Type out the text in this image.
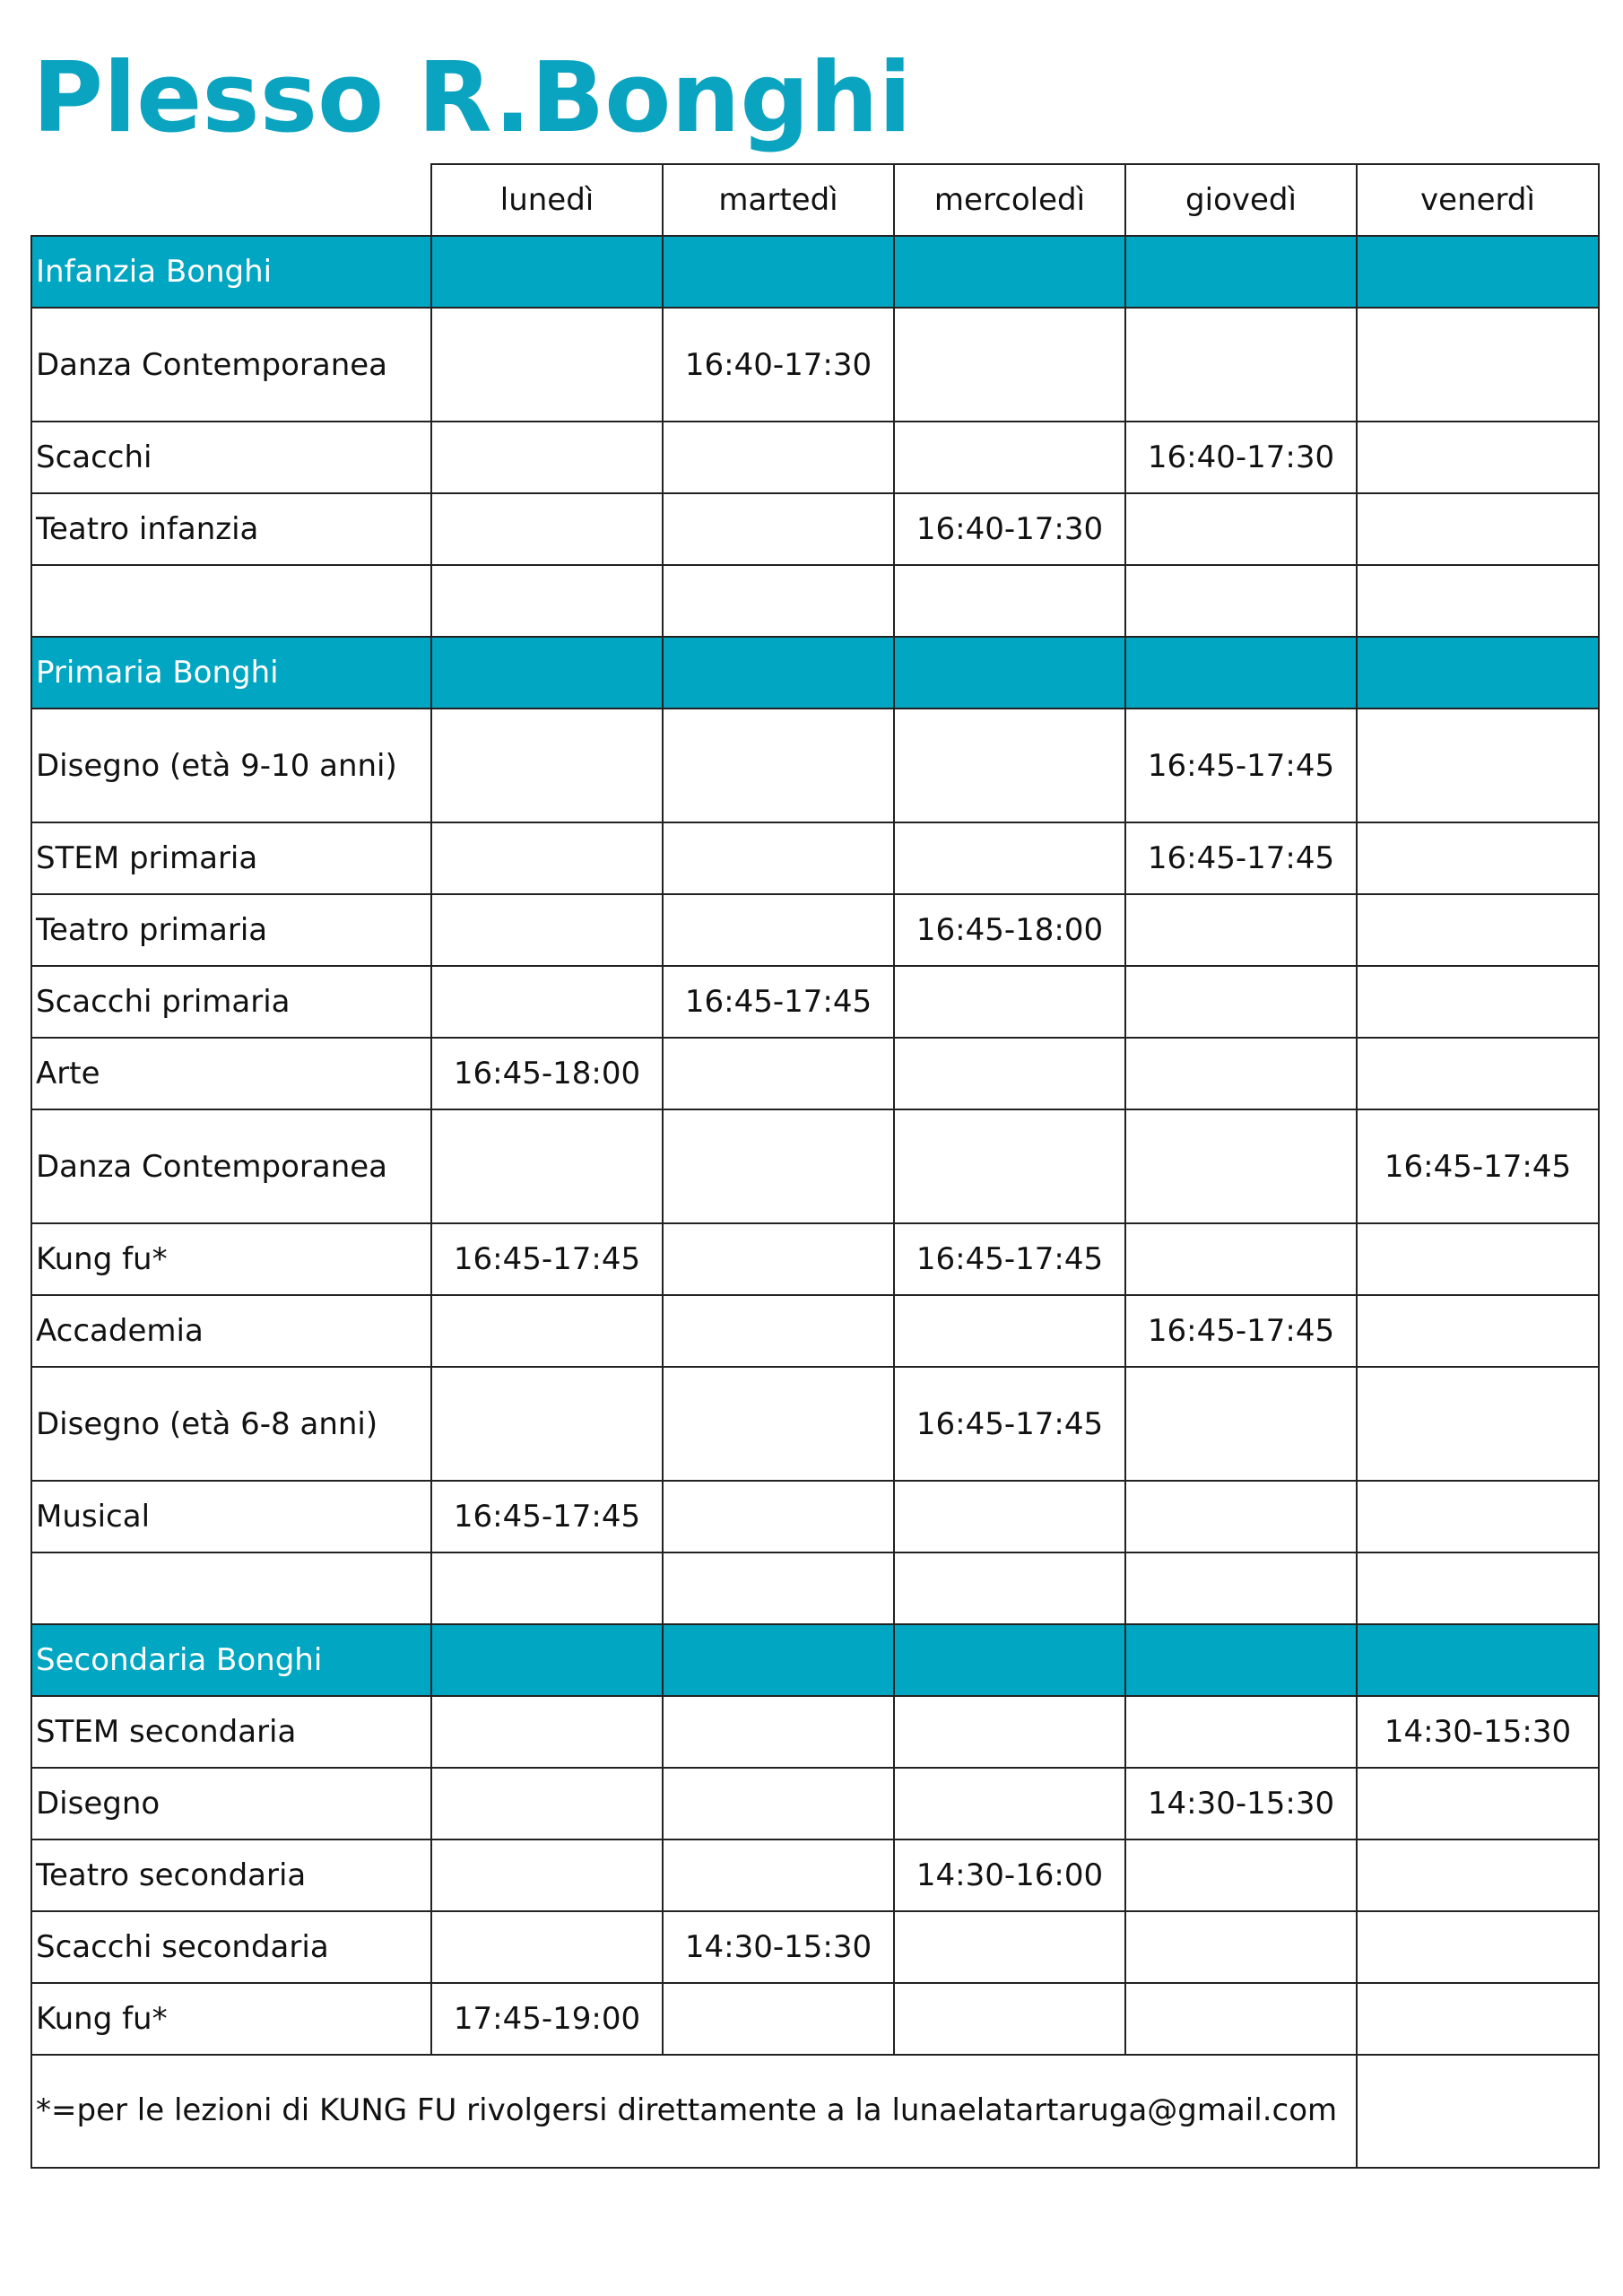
Plesso R.Bonghi
	lunedì	martedì	mercoledì	giovedì	venerdì
Infanzia Bonghi					
Danza Contemporanea		16:40-17:30			
Scacchi				16:40-17:30	
Teatro infanzia			16:40-17:30		

Primaria Bonghi					
Disegno (età 9-10 anni)				16:45-17:45	
STEM primaria				16:45-17:45	
Teatro primaria			16:45-18:00		
Scacchi primaria		16:45-17:45			
Arte	16:45-18:00				
Danza Contemporanea					16:45-17:45
Kung fu*	16:45-17:45		16:45-17:45		
Accademia				16:45-17:45	
Disegno (età 6-8 anni)			16:45-17:45		
Musical	16:45-17:45				

Secondaria Bonghi					
STEM secondaria					14:30-15:30
Disegno				14:30-15:30	
Teatro secondaria			14:30-16:00		
Scacchi secondaria		14:30-15:30			
Kung fu*	17:45-19:00				
*=per le lezioni di KUNG FU rivolgersi direttamente a la lunaelatartaruga@gmail.com					
